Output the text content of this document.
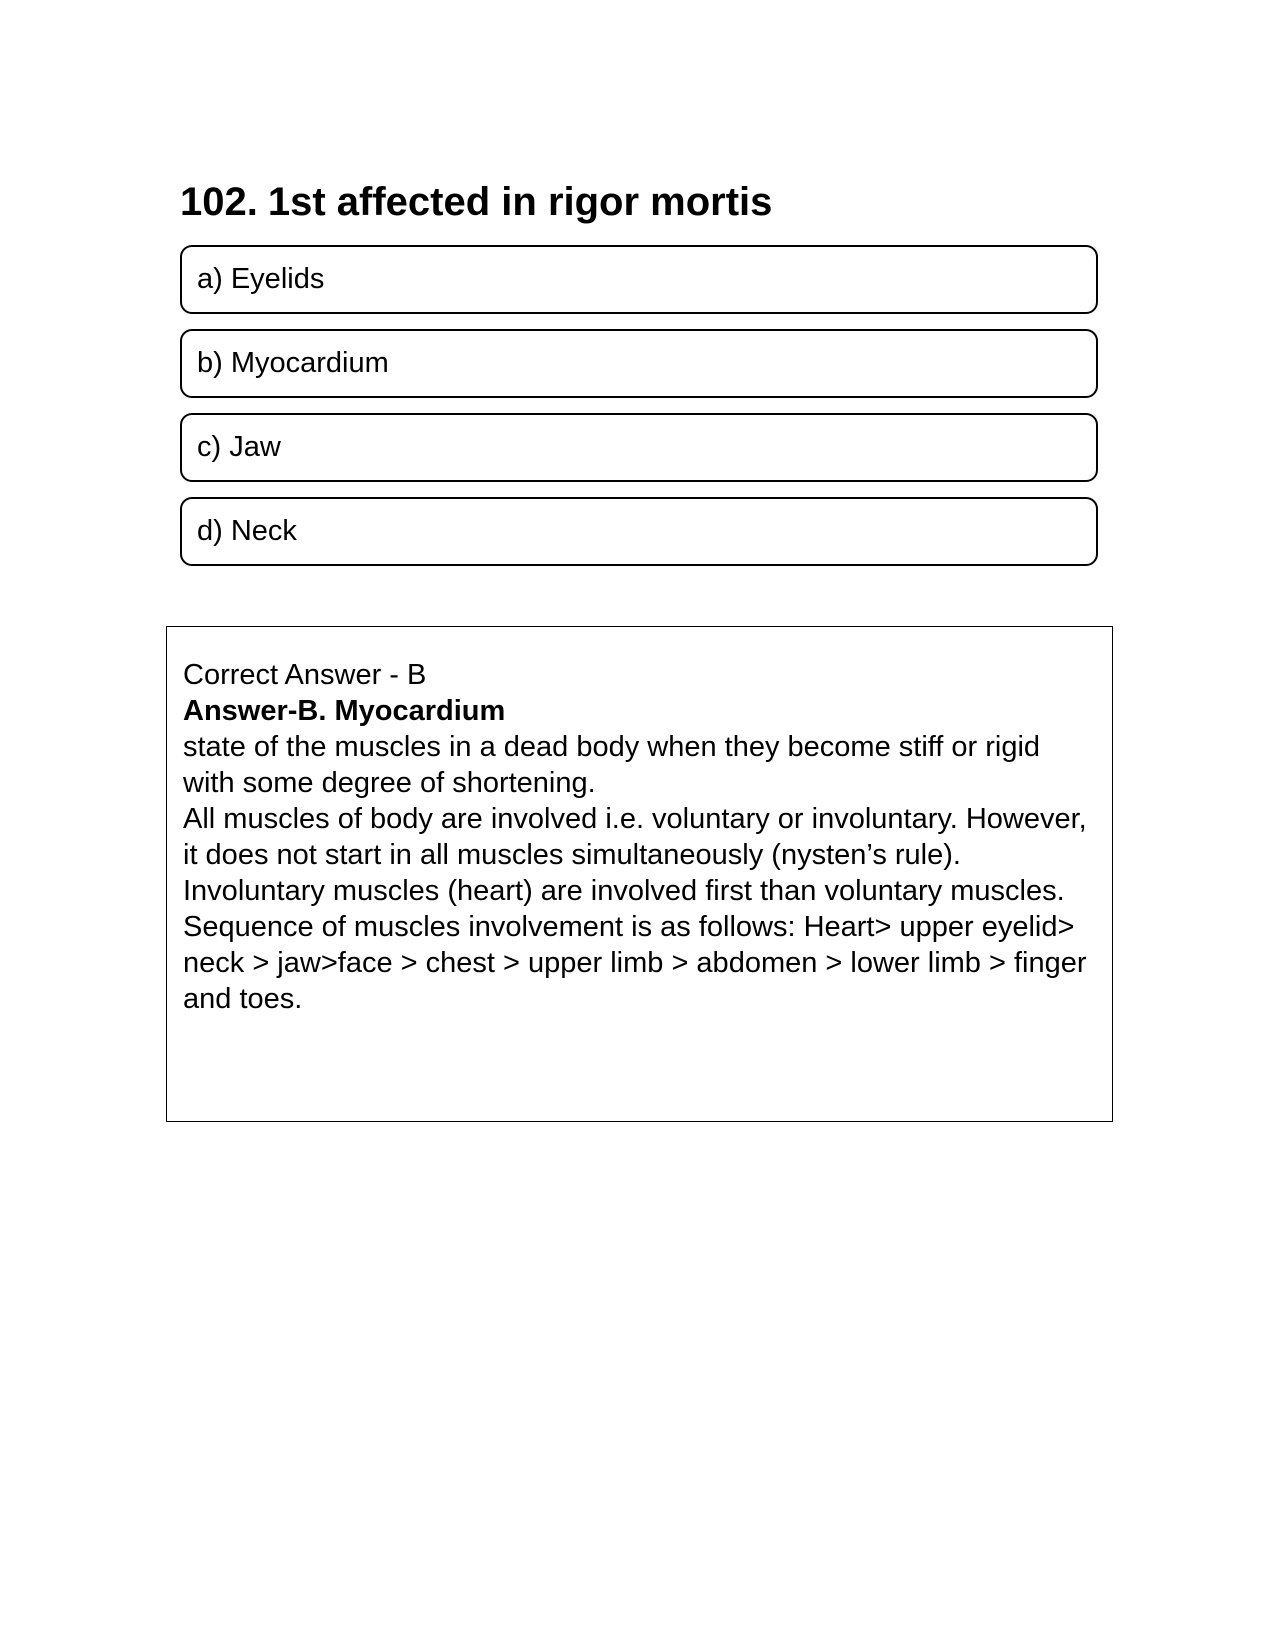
102. 1st affected in rigor mortis
a) Eyelids
b) Myocardium
c) Jaw
d) Neck

Correct Answer - B

Answer-B. Myocardium

state of the muscles in a dead body when they become stiff or rigid with some degree of shortening.

All muscles of body are involved i.e. voluntary or involuntary. However, it does not start in all muscles simultaneously (nysten’s rule).

Involuntary muscles (heart) are involved first than voluntary muscles.

Sequence of muscles involvement is as follows: Heart> upper eyelid> neck > jaw>face > chest > upper limb > abdomen > lower limb > finger and toes.
